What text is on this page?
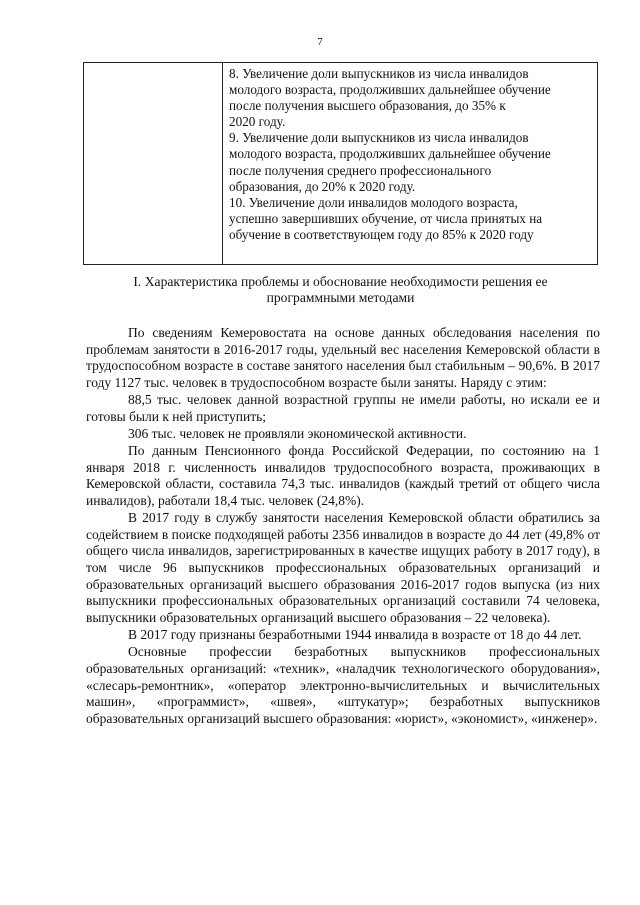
7

8. Увеличение доли выпускников из числа инвалидов
молодого возраста, продолживших дальнейшее обучение
после получения высшего образования, до 35% к
2020 году.
9. Увеличение доли выпускников из числа инвалидов
молодого возраста, продолживших дальнейшее обучение
после получения среднего профессионального
образования, до 20% к 2020 году.
10. Увеличение доли инвалидов молодого возраста,
успешно завершивших обучение, от числа принятых на
обучение в соответствующем году до 85% к 2020 году
I. Характеристика проблемы и обоснование необходимости решения ее
программными методами

По сведениям Кемеровостата на основе данных обследования населения по проблемам занятости в 2016-2017 годы, удельный вес населения Кемеровской области в трудоспособном возрасте в составе занятого населения был стабильным – 90,6%. В 2017 году 1127 тыс. человек в трудоспособном возрасте были заняты. Наряду с этим:

88,5 тыс. человек данной возрастной группы не имели работы, но искали ее и готовы были к ней приступить;

306 тыс. человек не проявляли экономической активности.

По данным Пенсионного фонда Российской Федерации, по состоянию на 1 января 2018 г. численность инвалидов трудоспособного возраста, проживающих в Кемеровской области, составила 74,3 тыс. инвалидов (каждый третий от общего числа инвалидов), работали 18,4 тыс. человек (24,8%).

В 2017 году в службу занятости населения Кемеровской области обратились за содействием в поиске подходящей работы 2356 инвалидов в возрасте до 44 лет (49,8% от общего числа инвалидов, зарегистрированных в качестве ищущих работу в 2017 году), в том числе 96 выпускников профессиональных образовательных организаций и образовательных организаций высшего образования 2016-2017 годов выпуска (из них выпускники профессиональных образовательных организаций составили 74 человека, выпускники образовательных организаций высшего образования – 22 человека).

В 2017 году признаны безработными 1944 инвалида в возрасте от 18 до 44 лет.

Основные профессии безработных выпускников профессиональных образовательных организаций: «техник», «наладчик технологического оборудования», «слесарь-ремонтник», «оператор электронно-вычислительных и вычислительных машин», «программист», «швея», «штукатур»; безработных выпускников образовательных организаций высшего образования: «юрист», «экономист», «инженер».
